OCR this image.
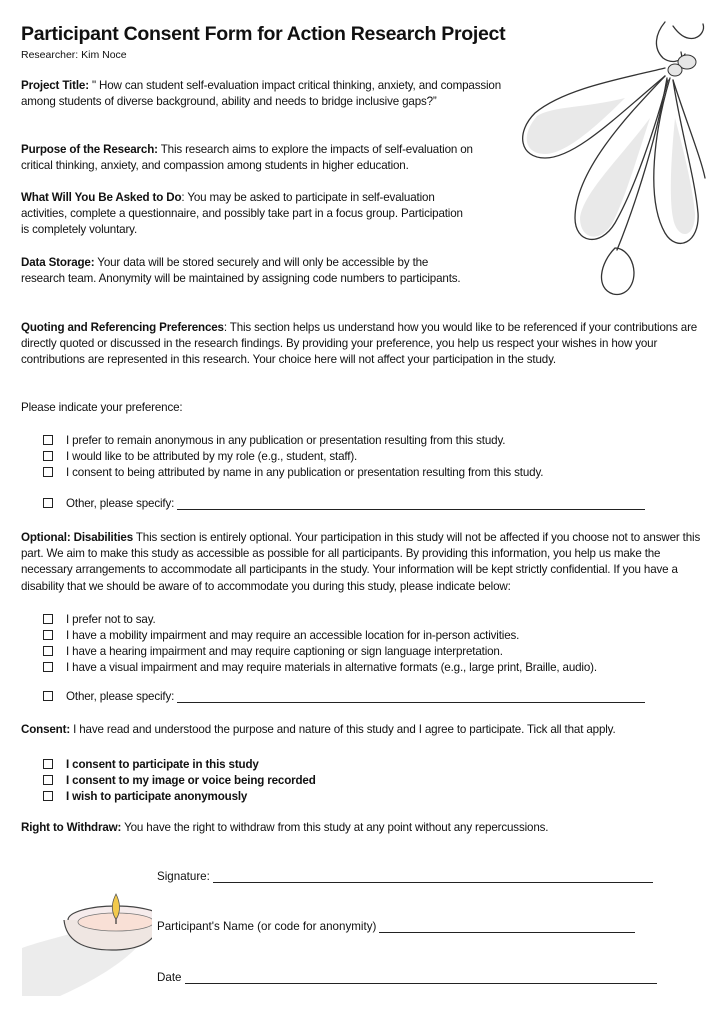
Participant Consent Form for Action Research Project
Researcher: Kim Noce

Project Title: " How can student self-evaluation impact critical thinking, anxiety, and compassion among students of diverse background, ability and needs to bridge inclusive gaps?”

Purpose of the Research: This research aims to explore the impacts of self-evaluation on critical thinking, anxiety, and compassion among students in higher education.

What Will You Be Asked to Do: You may be asked to participate in self-evaluation activities, complete a questionnaire, and possibly take part in a focus group. Participation is completely voluntary.

Data Storage: Your data will be stored securely and will only be accessible by the research team. Anonymity will be maintained by assigning code numbers to participants.

Quoting and Referencing Preferences: This section helps us understand how you would like to be referenced if your contributions are directly quoted or discussed in the research findings. By providing your preference, you help us respect your wishes in how your contributions are represented in this research. Your choice here will not affect your participation in the study.

Please indicate your preference:

I prefer to remain anonymous in any publication or presentation resulting from this study.
I would like to be attributed by my role (e.g., student, staff).
I consent to being attributed by name in any publication or presentation resulting from this study.
Other, please specify:

Optional: Disabilities This section is entirely optional. Your participation in this study will not be affected if you choose not to answer this part. We aim to make this study as accessible as possible for all participants. By providing this information, you help us make the necessary arrangements to accommodate all participants in the study. Your information will be kept strictly confidential. If you have a disability that we should be aware of to accommodate you during this study, please indicate below:

I prefer not to say.
I have a mobility impairment and may require an accessible location for in-person activities.
I have a hearing impairment and may require captioning or sign language interpretation.
I have a visual impairment and may require materials in alternative formats (e.g., large print, Braille, audio).
Other, please specify:

Consent: I have read and understood the purpose and nature of this study and I agree to participate. Tick all that apply.

I consent to participate in this study
I consent to my image or voice being recorded
I wish to participate anonymously

Right to Withdraw: You have the right to withdraw from this study at any point without any repercussions.

Signature:
Participant's Name (or code for anonymity)
Date
